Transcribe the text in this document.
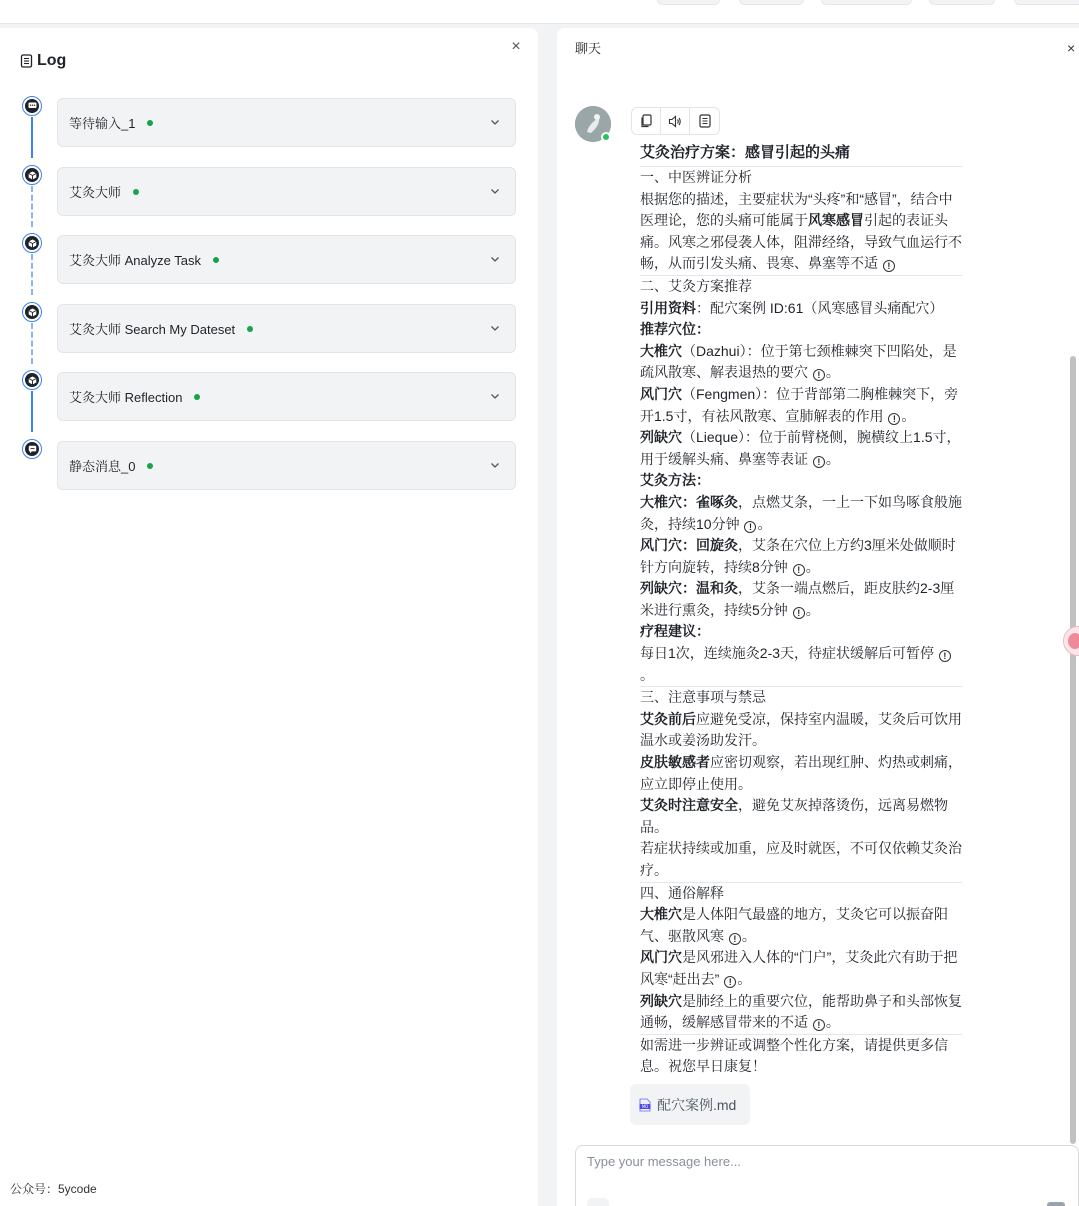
×
Log
等待输入_1
艾灸大师
艾灸大师 Analyze Task
艾灸大师 Search My Dateset
艾灸大师 Reflection
静态消息_0
公众号：5ycode
聊天	×
艾灸治疗方案：感冒引起的头痛

一、中医辨证分析

根据您的描述，主要症状为“头疼”和“感冒”，结合中医理论，您的头痛可能属于风寒感冒引起的表证头痛。风寒之邪侵袭人体，阻滞经络，导致气血运行不畅，从而引发头痛、畏寒、鼻塞等不适 !

二、艾灸方案推荐

引用资料：配穴案例 ID:61（风寒感冒头痛配穴）

推荐穴位：

大椎穴（Dazhui）：位于第七颈椎棘突下凹陷处，是疏风散寒、解表退热的要穴 ! 。

风门穴（Fengmen）：位于背部第二胸椎棘突下，旁开1.5寸，有祛风散寒、宣肺解表的作用 ! 。

列缺穴（Lieque）：位于前臂桡侧，腕横纹上1.5寸，用于缓解头痛、鼻塞等表证 ! 。

艾灸方法：

大椎穴：雀啄灸，点燃艾条，一上一下如鸟啄食般施灸，持续10分钟 ! 。

风门穴：回旋灸，艾条在穴位上方约3厘米处做顺时针方向旋转，持续8分钟 ! 。

列缺穴：温和灸，艾条一端点燃后，距皮肤约2-3厘米进行熏灸，持续5分钟 ! 。

疗程建议：

每日1次，连续施灸2-3天，待症状缓解后可暂停 !。

三、注意事项与禁忌

艾灸前后应避免受凉，保持室内温暖，艾灸后可饮用温水或姜汤助发汗。

皮肤敏感者应密切观察，若出现红肿、灼热或刺痛，应立即停止使用。

艾灸时注意安全，避免艾灰掉落烫伤，远离易燃物品。

若症状持续或加重，应及时就医，不可仅依赖艾灸治疗。

四、通俗解释

大椎穴是人体阳气最盛的地方，艾灸它可以振奋阳气、驱散风寒 ! 。

风门穴是风邪进入人体的“门户”，艾灸此穴有助于把风寒“赶出去” ! 。

列缺穴是肺经上的重要穴位，能帮助鼻子和头部恢复通畅，缓解感冒带来的不适 ! 。

如需进一步辨证或调整个性化方案，请提供更多信息。祝您早日康复！

MD 配穴案例.md
Type your message here...
